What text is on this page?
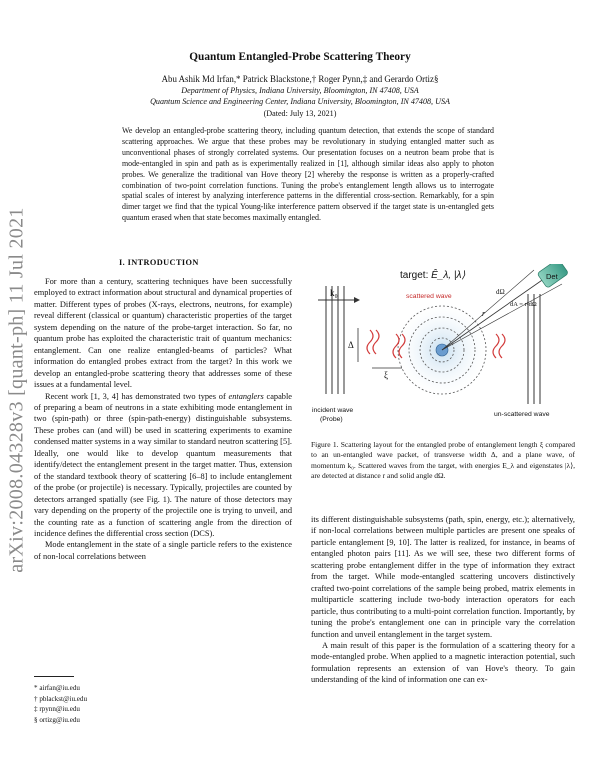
arXiv:2008.04328v3 [quant-ph] 11 Jul 2021
Quantum Entangled-Probe Scattering Theory
Abu Ashik Md Irfan,* Patrick Blackstone,† Roger Pynn,‡ and Gerardo Ortiz§
Department of Physics, Indiana University, Bloomington, IN 47408, USA
Quantum Science and Engineering Center, Indiana University, Bloomington, IN 47408, USA
(Dated: July 13, 2021)
We develop an entangled-probe scattering theory, including quantum detection, that extends the scope of standard scattering approaches. We argue that these probes may be revolutionary in studying entangled matter such as unconventional phases of strongly correlated systems. Our presentation focuses on a neutron beam probe that is mode-entangled in spin and path as is experimentally realized in [1], although similar ideas also apply to photon probes. We generalize the traditional van Hove theory [2] whereby the response is written as a properly-crafted combination of two-point correlation functions. Tuning the probe's entanglement length allows us to interrogate spatial scales of interest by analyzing interference patterns in the differential cross-section. Remarkably, for a spin dimer target we find that the typical Young-like interference pattern observed if the target state is un-entangled gets quantum erased when that state becomes maximally entangled.
I. INTRODUCTION

For more than a century, scattering techniques have been successfully employed to extract information about structural and dynamical properties of matter. Different types of probes (X-rays, electrons, neutrons, for example) reveal different (classical or quantum) characteristic properties of the target system depending on the nature of the probe-target interaction. So far, no quantum probe has exploited the characteristic trait of quantum mechanics: entanglement. Can one realize entangled-beams of particles? What information do entangled probes extract from the target? In this work we develop an entangled-probe scattering theory that addresses some of these issues at a fundamental level.

Recent work [1, 3, 4] has demonstrated two types of entanglers capable of preparing a beam of neutrons in a state exhibiting mode entanglement in two (spin-path) or three (spin-path-energy) distinguishable subsystems. These probes can (and will) be used in scattering experiments to examine condensed matter systems in a way similar to standard neutron scattering [5]. Ideally, one would like to develop quantum measurements that identify/detect the entanglement present in the target matter. Thus, extension of the standard textbook theory of scattering [6–8] to include entanglement of the probe (or projectile) is necessary. Typically, projectiles are counted by detectors arranged spatially (see Fig. 1). The nature of those detectors may vary depending on the property of the projectile one is trying to unveil, and the counting rate as a function of scattering angle from the direction of incidence defines the differential cross section (DCS).

Mode entanglement in the state of a single particle refers to the existence of non-local correlations between

* airfan@iu.edu
† pblackst@iu.edu
‡ rpynn@iu.edu
§ ortizg@iu.edu
Det
target: Ê_λ, |λ⟩
dA = r²dΩ
dΩ
r
k₀
Δ
ξ
scattered wave
incident wave
(Probe)
un-scattered wave
Figure 1. Scattering layout for the entangled probe of entanglement length ξ compared to an un-entangled wave packet, of transverse width Δ, and a plane wave, of momentum k₀. Scattered waves from the target, with energies E_λ and eigenstates |λ⟩, are detected at distance r and solid angle dΩ.

its different distinguishable subsystems (path, spin, energy, etc.); alternatively, if non-local correlations between multiple particles are present one speaks of particle entanglement [9, 10]. The latter is realized, for instance, in beams of entangled photon pairs [11]. As we will see, these two different forms of scattering probe entanglement differ in the type of information they extract from the target. While mode-entangled scattering uncovers distinctively crafted two-point correlations of the sample being probed, matrix elements in multiparticle scattering include two-body interaction operators for each particle, thus contributing to a multi-point correlation function. Importantly, by tuning the probe's entanglement one can in principle vary the correlation function and unveil entanglement in the target system.

A main result of this paper is the formulation of a scattering theory for a mode-entangled probe. When applied to a magnetic interaction potential, such formulation represents an extension of van Hove's theory. To gain understanding of the kind of information one can ex-
